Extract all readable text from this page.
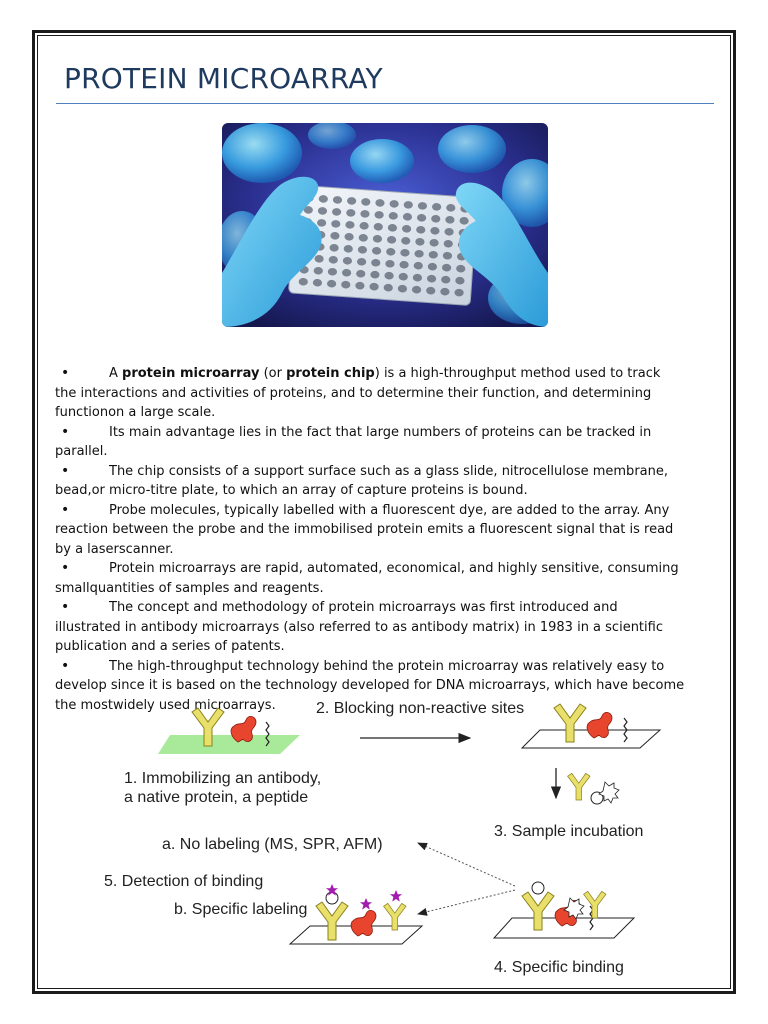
PROTEIN MICROARRAY
• A protein microarray (or protein chip) is a high-throughput method used to track the interactions and activities of proteins, and to determine their function, and determining functionon a large scale.
• Its main advantage lies in the fact that large numbers of proteins can be tracked in parallel.
• The chip consists of a support surface such as a glass slide, nitrocellulose membrane, bead,or micro-titre plate, to which an array of capture proteins is bound.
• Probe molecules, typically labelled with a fluorescent dye, are added to the array. Any reaction between the probe and the immobilised protein emits a fluorescent signal that is read by a laserscanner.
• Protein microarrays are rapid, automated, economical, and highly sensitive, consuming smallquantities of samples and reagents.
• The concept and methodology of protein microarrays was first introduced and illustrated in antibody microarrays (also referred to as antibody matrix) in 1983 in a scientific publication and a series of patents.
• The high-throughput technology behind the protein microarray was relatively easy to develop since it is based on the technology developed for DNA microarrays, which have become the mostwidely used microarrays.
1. Immobilizing an antibody,
a native protein, a peptide
2. Blocking non-reactive sites
3. Sample incubation
a. No labeling (MS, SPR, AFM)
5. Detection of binding
b. Specific labeling
4. Specific binding
